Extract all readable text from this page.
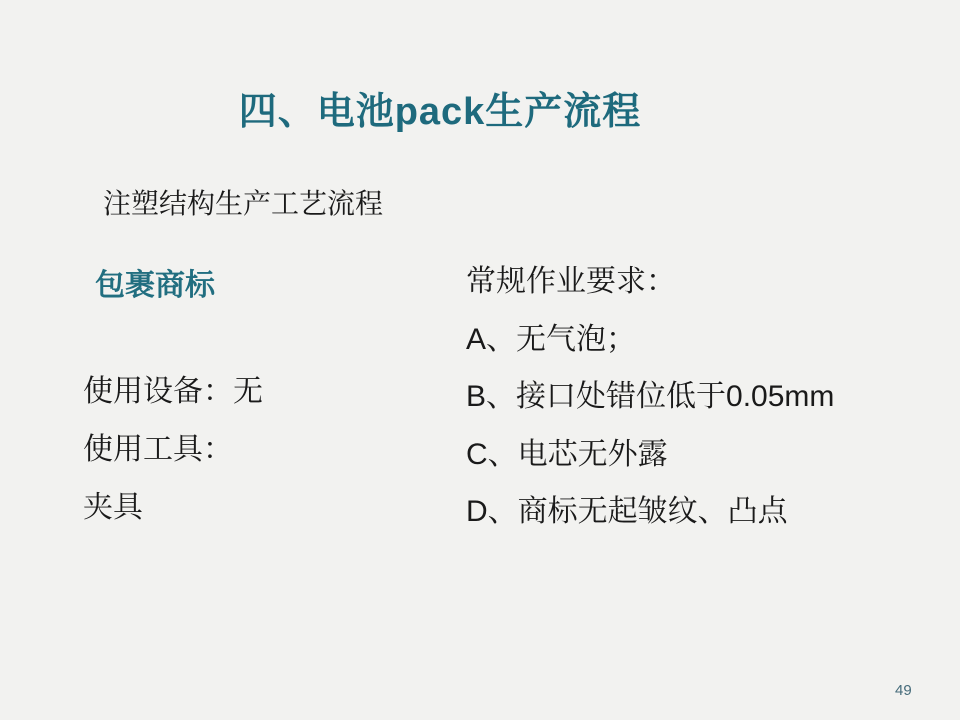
四、电池pack生产流程
注塑结构生产工艺流程
包裹商标
使用设备：无
使用工具：
夹具
常规作业要求：
A、无气泡；
B、接口处错位低于0.05mm
C、电芯无外露
D、商标无起皱纹、凸点
49
